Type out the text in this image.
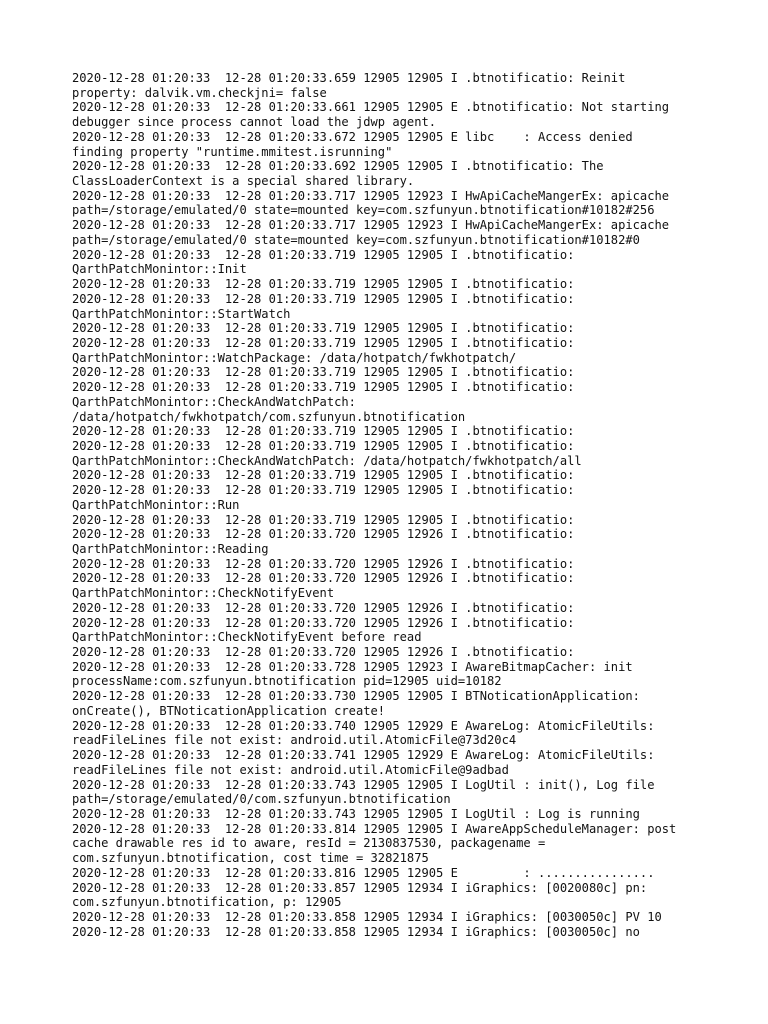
2020-12-28 01:20:33  12-28 01:20:33.659 12905 12905 I .btnotificatio: Reinit
property: dalvik.vm.checkjni= false
2020-12-28 01:20:33  12-28 01:20:33.661 12905 12905 E .btnotificatio: Not starting
debugger since process cannot load the jdwp agent.
2020-12-28 01:20:33  12-28 01:20:33.672 12905 12905 E libc    : Access denied
finding property "runtime.mmitest.isrunning"
2020-12-28 01:20:33  12-28 01:20:33.692 12905 12905 I .btnotificatio: The
ClassLoaderContext is a special shared library.
2020-12-28 01:20:33  12-28 01:20:33.717 12905 12923 I HwApiCacheMangerEx: apicache
path=/storage/emulated/0 state=mounted key=com.szfunyun.btnotification#10182#256
2020-12-28 01:20:33  12-28 01:20:33.717 12905 12923 I HwApiCacheMangerEx: apicache
path=/storage/emulated/0 state=mounted key=com.szfunyun.btnotification#10182#0
2020-12-28 01:20:33  12-28 01:20:33.719 12905 12905 I .btnotificatio:
QarthPatchMonintor::Init
2020-12-28 01:20:33  12-28 01:20:33.719 12905 12905 I .btnotificatio:
2020-12-28 01:20:33  12-28 01:20:33.719 12905 12905 I .btnotificatio:
QarthPatchMonintor::StartWatch
2020-12-28 01:20:33  12-28 01:20:33.719 12905 12905 I .btnotificatio:
2020-12-28 01:20:33  12-28 01:20:33.719 12905 12905 I .btnotificatio:
QarthPatchMonintor::WatchPackage: /data/hotpatch/fwkhotpatch/
2020-12-28 01:20:33  12-28 01:20:33.719 12905 12905 I .btnotificatio:
2020-12-28 01:20:33  12-28 01:20:33.719 12905 12905 I .btnotificatio:
QarthPatchMonintor::CheckAndWatchPatch:
/data/hotpatch/fwkhotpatch/com.szfunyun.btnotification
2020-12-28 01:20:33  12-28 01:20:33.719 12905 12905 I .btnotificatio:
2020-12-28 01:20:33  12-28 01:20:33.719 12905 12905 I .btnotificatio:
QarthPatchMonintor::CheckAndWatchPatch: /data/hotpatch/fwkhotpatch/all
2020-12-28 01:20:33  12-28 01:20:33.719 12905 12905 I .btnotificatio:
2020-12-28 01:20:33  12-28 01:20:33.719 12905 12905 I .btnotificatio:
QarthPatchMonintor::Run
2020-12-28 01:20:33  12-28 01:20:33.719 12905 12905 I .btnotificatio:
2020-12-28 01:20:33  12-28 01:20:33.720 12905 12926 I .btnotificatio:
QarthPatchMonintor::Reading
2020-12-28 01:20:33  12-28 01:20:33.720 12905 12926 I .btnotificatio:
2020-12-28 01:20:33  12-28 01:20:33.720 12905 12926 I .btnotificatio:
QarthPatchMonintor::CheckNotifyEvent
2020-12-28 01:20:33  12-28 01:20:33.720 12905 12926 I .btnotificatio:
2020-12-28 01:20:33  12-28 01:20:33.720 12905 12926 I .btnotificatio:
QarthPatchMonintor::CheckNotifyEvent before read
2020-12-28 01:20:33  12-28 01:20:33.720 12905 12926 I .btnotificatio:
2020-12-28 01:20:33  12-28 01:20:33.728 12905 12923 I AwareBitmapCacher: init
processName:com.szfunyun.btnotification pid=12905 uid=10182
2020-12-28 01:20:33  12-28 01:20:33.730 12905 12905 I BTNoticationApplication:
onCreate(), BTNoticationApplication create!
2020-12-28 01:20:33  12-28 01:20:33.740 12905 12929 E AwareLog: AtomicFileUtils:
readFileLines file not exist: android.util.AtomicFile@73d20c4
2020-12-28 01:20:33  12-28 01:20:33.741 12905 12929 E AwareLog: AtomicFileUtils:
readFileLines file not exist: android.util.AtomicFile@9adbad
2020-12-28 01:20:33  12-28 01:20:33.743 12905 12905 I LogUtil : init(), Log file
path=/storage/emulated/0/com.szfunyun.btnotification
2020-12-28 01:20:33  12-28 01:20:33.743 12905 12905 I LogUtil : Log is running
2020-12-28 01:20:33  12-28 01:20:33.814 12905 12905 I AwareAppScheduleManager: post
cache drawable res id to aware, resId = 2130837530, packagename =
com.szfunyun.btnotification, cost time = 32821875
2020-12-28 01:20:33  12-28 01:20:33.816 12905 12905 E         : ................
2020-12-28 01:20:33  12-28 01:20:33.857 12905 12934 I iGraphics: [0020080c] pn:
com.szfunyun.btnotification, p: 12905
2020-12-28 01:20:33  12-28 01:20:33.858 12905 12934 I iGraphics: [0030050c] PV 10
2020-12-28 01:20:33  12-28 01:20:33.858 12905 12934 I iGraphics: [0030050c] no
